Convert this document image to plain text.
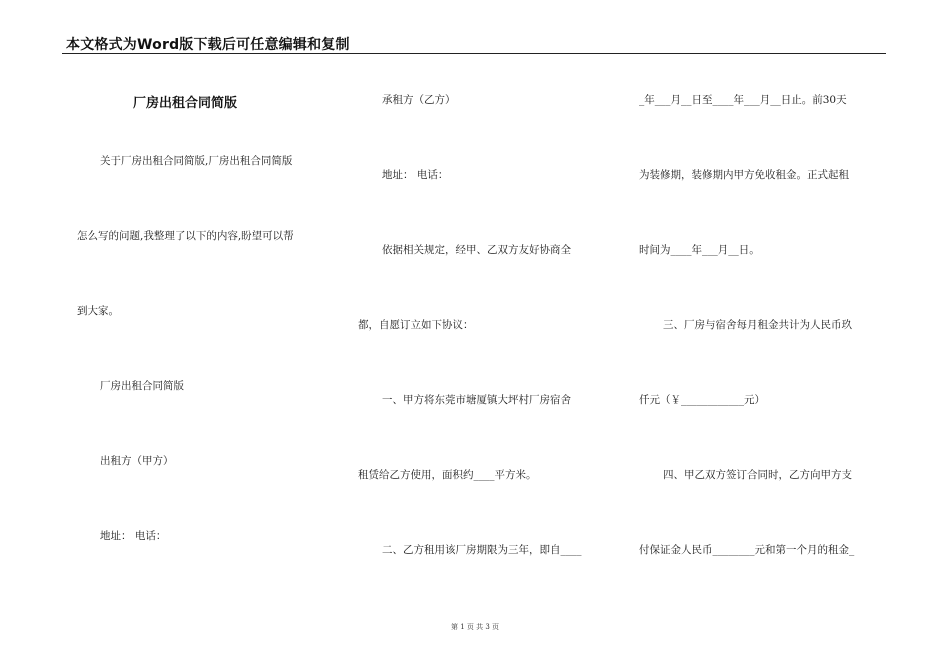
本文格式为Word版下载后可任意编辑和复制
厂房出租合同简版
关于厂房出租合同简版,厂房出租合同简版
怎么写的问题,我整理了以下的内容,盼望可以帮
到大家。
厂房出租合同简版
出租方（甲方）
地址： 电话：
承租方（乙方）
地址： 电话：
依据相关规定，经甲、乙双方友好协商全
都，自愿订立如下协议：
一、甲方将东莞市塘厦镇大坪村厂房宿舍
租赁给乙方使用，面积约____平方米。
二、乙方租用该厂房期限为三年，即自____
_年___月__日至____年___月__日止。前30天
为装修期，装修期内甲方免收租金。正式起租
时间为____年___月__日。
三、厂房与宿舍每月租金共计为人民币玖
仟元（￥____________元）
四、甲乙双方签订合同时，乙方向甲方支
付保证金人民币________元和第一个月的租金_
第 1 页 共 3 页
